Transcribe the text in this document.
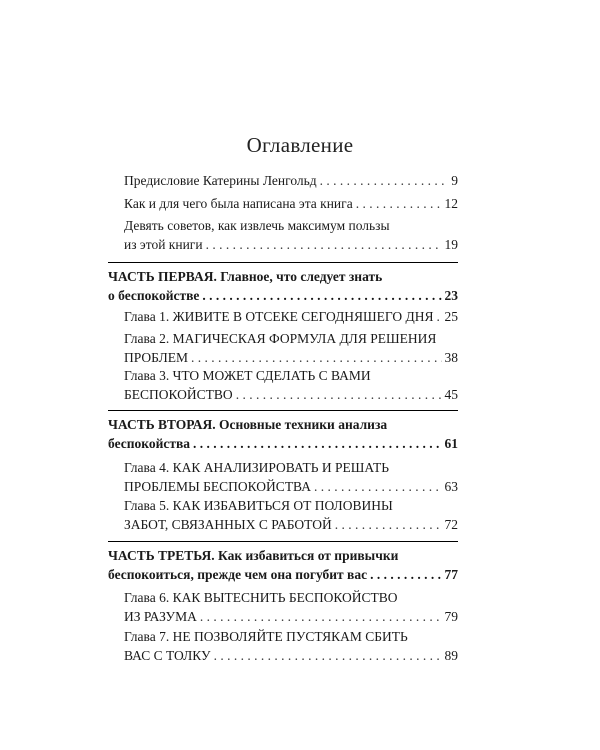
Оглавление
Предисловие Катерины Ленгольд . . .	9
Как и для чего была написана эта книга . . .	12
Девять советов, как извлечь максимум пользы
из этой книги . . .	19
ЧАСТЬ ПЕРВАЯ. Главное, что следует знать
о беспокойстве . . .	23
Глава 1. ЖИВИТЕ В ОТСЕКЕ СЕГОДНЯШЕГО ДНЯ . . . 25
Глава 2. МАГИЧЕСКАЯ ФОРМУЛА ДЛЯ РЕШЕНИЯ
ПРОБЛЕМ . . .	38
Глава 3. ЧТО МОЖЕТ СДЕЛАТЬ С ВАМИ
БЕСПОКОЙСТВО . . .	45
ЧАСТЬ ВТОРАЯ. Основные техники анализа
беспокойства . . .	61
Глава 4. КАК АНАЛИЗИРОВАТЬ И РЕШАТЬ
ПРОБЛЕМЫ БЕСПОКОЙСТВА . . .	63
Глава 5. КАК ИЗБАВИТЬСЯ ОТ ПОЛОВИНЫ
ЗАБОТ, СВЯЗАННЫХ С РАБОТОЙ . . .	72
ЧАСТЬ ТРЕТЬЯ. Как избавиться от привычки
беспокоиться, прежде чем она погубит вас . . .	77
Глава 6. КАК ВЫТЕСНИТЬ БЕСПОКОЙСТВО
ИЗ РАЗУМА . . .	79
Глава 7. НЕ ПОЗВОЛЯЙТЕ ПУСТЯКАМ СБИТЬ
ВАС С ТОЛКУ . . .	89
